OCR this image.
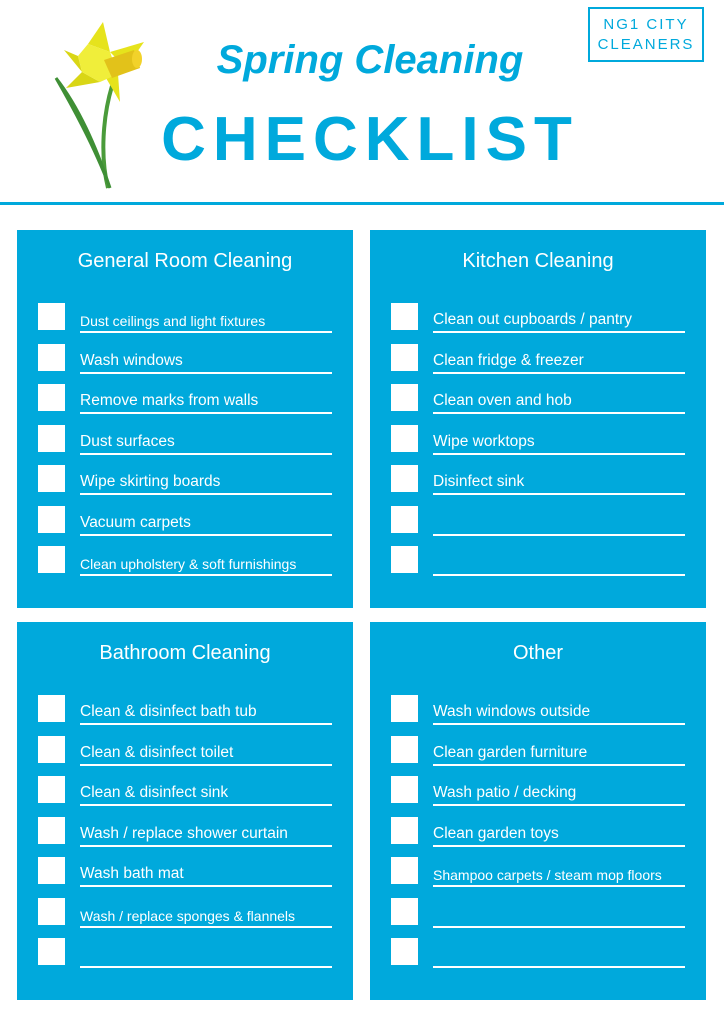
Spring Cleaning
CHECKLIST
NG1 CITY
CLEANERS
General Room Cleaning
Dust ceilings and light fixtures
Wash windows
Remove marks from walls
Dust surfaces
Wipe skirting boards
Vacuum carpets
Clean upholstery & soft furnishings
Kitchen Cleaning
Clean out cupboards / pantry
Clean fridge & freezer
Clean oven and hob
Wipe worktops
Disinfect sink
Bathroom Cleaning
Clean & disinfect bath tub
Clean & disinfect toilet
Clean & disinfect sink
Wash / replace shower curtain
Wash bath mat
Wash / replace sponges & flannels
Other
Wash windows outside
Clean garden furniture
Wash patio / decking
Clean garden toys
Shampoo carpets / steam mop floors
